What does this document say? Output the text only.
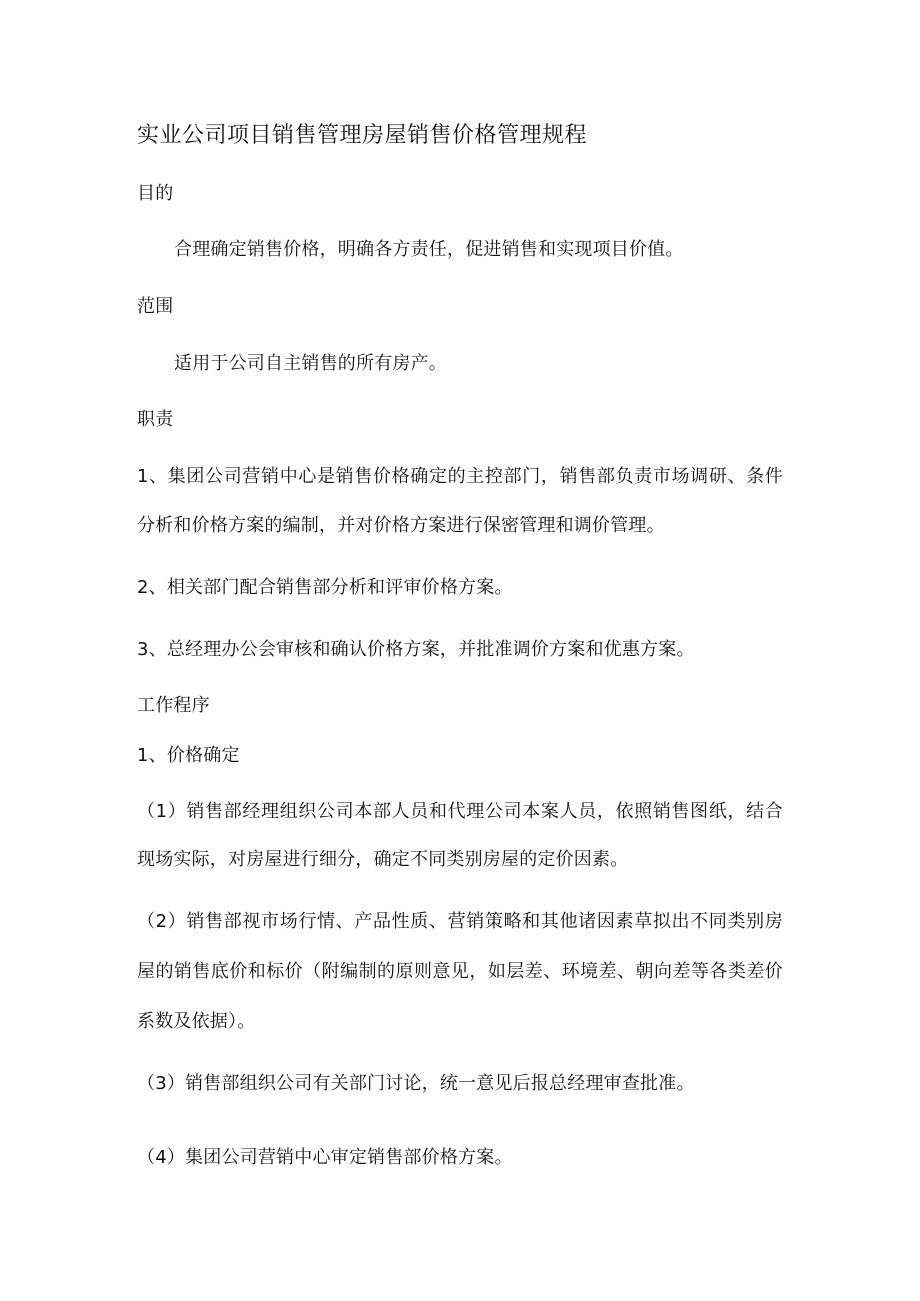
实业公司项目销售管理房屋销售价格管理规程
目的
合理确定销售价格，明确各方责任，促进销售和实现项目价值。
范围
适用于公司自主销售的所有房产。
职责
1、集团公司营销中心是销售价格确定的主控部门，销售部负责市场调研、条件
分析和价格方案的编制，并对价格方案进行保密管理和调价管理。
2、相关部门配合销售部分析和评审价格方案。
3、总经理办公会审核和确认价格方案，并批准调价方案和优惠方案。
工作程序
1、价格确定
（1）销售部经理组织公司本部人员和代理公司本案人员，依照销售图纸，结合
现场实际，对房屋进行细分，确定不同类别房屋的定价因素。
（2）销售部视市场行情、产品性质、营销策略和其他诸因素草拟出不同类别房
屋的销售底价和标价（附编制的原则意见，如层差、环境差、朝向差等各类差价
系数及依据）。
（3）销售部组织公司有关部门讨论，统一意见后报总经理审查批准。
（4）集团公司营销中心审定销售部价格方案。
